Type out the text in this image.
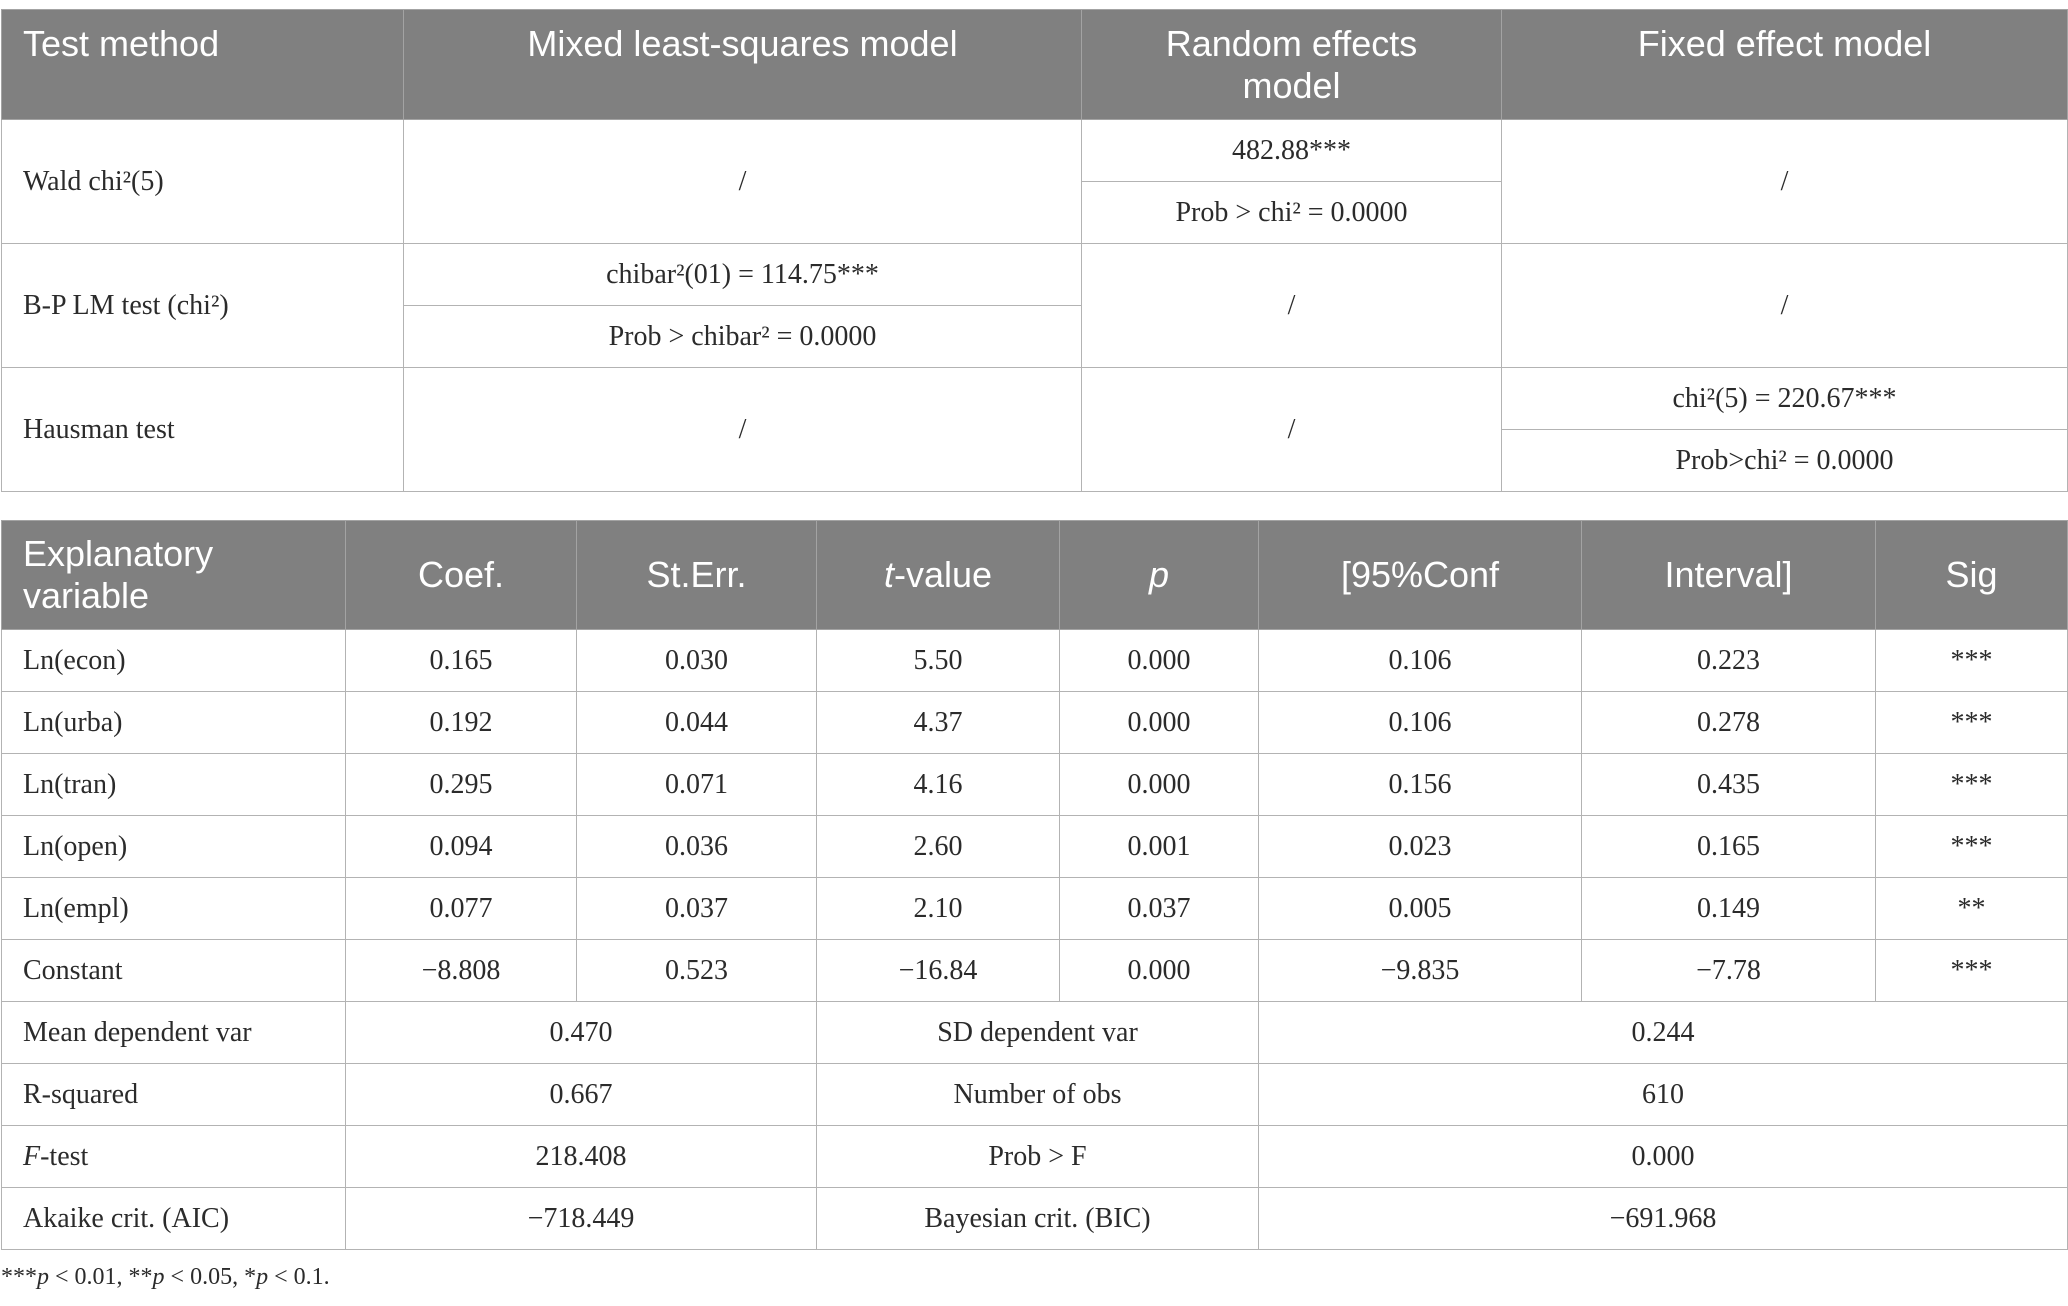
Test method	Mixed least-squares model	Random effects model	Fixed effect model
Wald chi²(5)	/	482.88***	/
		Prob > chi² = 0.0000	
B-P LM test (chi²)	chibar²(01) = 114.75***	/	/
	Prob > chibar² = 0.0000		
Hausman test	/	/	chi²(5) = 220.67***
			Prob>chi² = 0.0000
Explanatory variable	Coef.	St.Err.	t-value	p	[95%Conf	Interval]	Sig
Ln(econ)	0.165	0.030	5.50	0.000	0.106	0.223	***
Ln(urba)	0.192	0.044	4.37	0.000	0.106	0.278	***
Ln(tran)	0.295	0.071	4.16	0.000	0.156	0.435	***
Ln(open)	0.094	0.036	2.60	0.001	0.023	0.165	***
Ln(empl)	0.077	0.037	2.10	0.037	0.005	0.149	**
Constant	−8.808	0.523	−16.84	0.000	−9.835	−7.78	***
Mean dependent var	0.470		SD dependent var		0.244		
R-squared	0.667		Number of obs		610		
F-test	218.408		Prob > F		0.000		
Akaike crit. (AIC)	−718.449		Bayesian crit. (BIC)		−691.968		
***p < 0.01, **p < 0.05, *p < 0.1.
